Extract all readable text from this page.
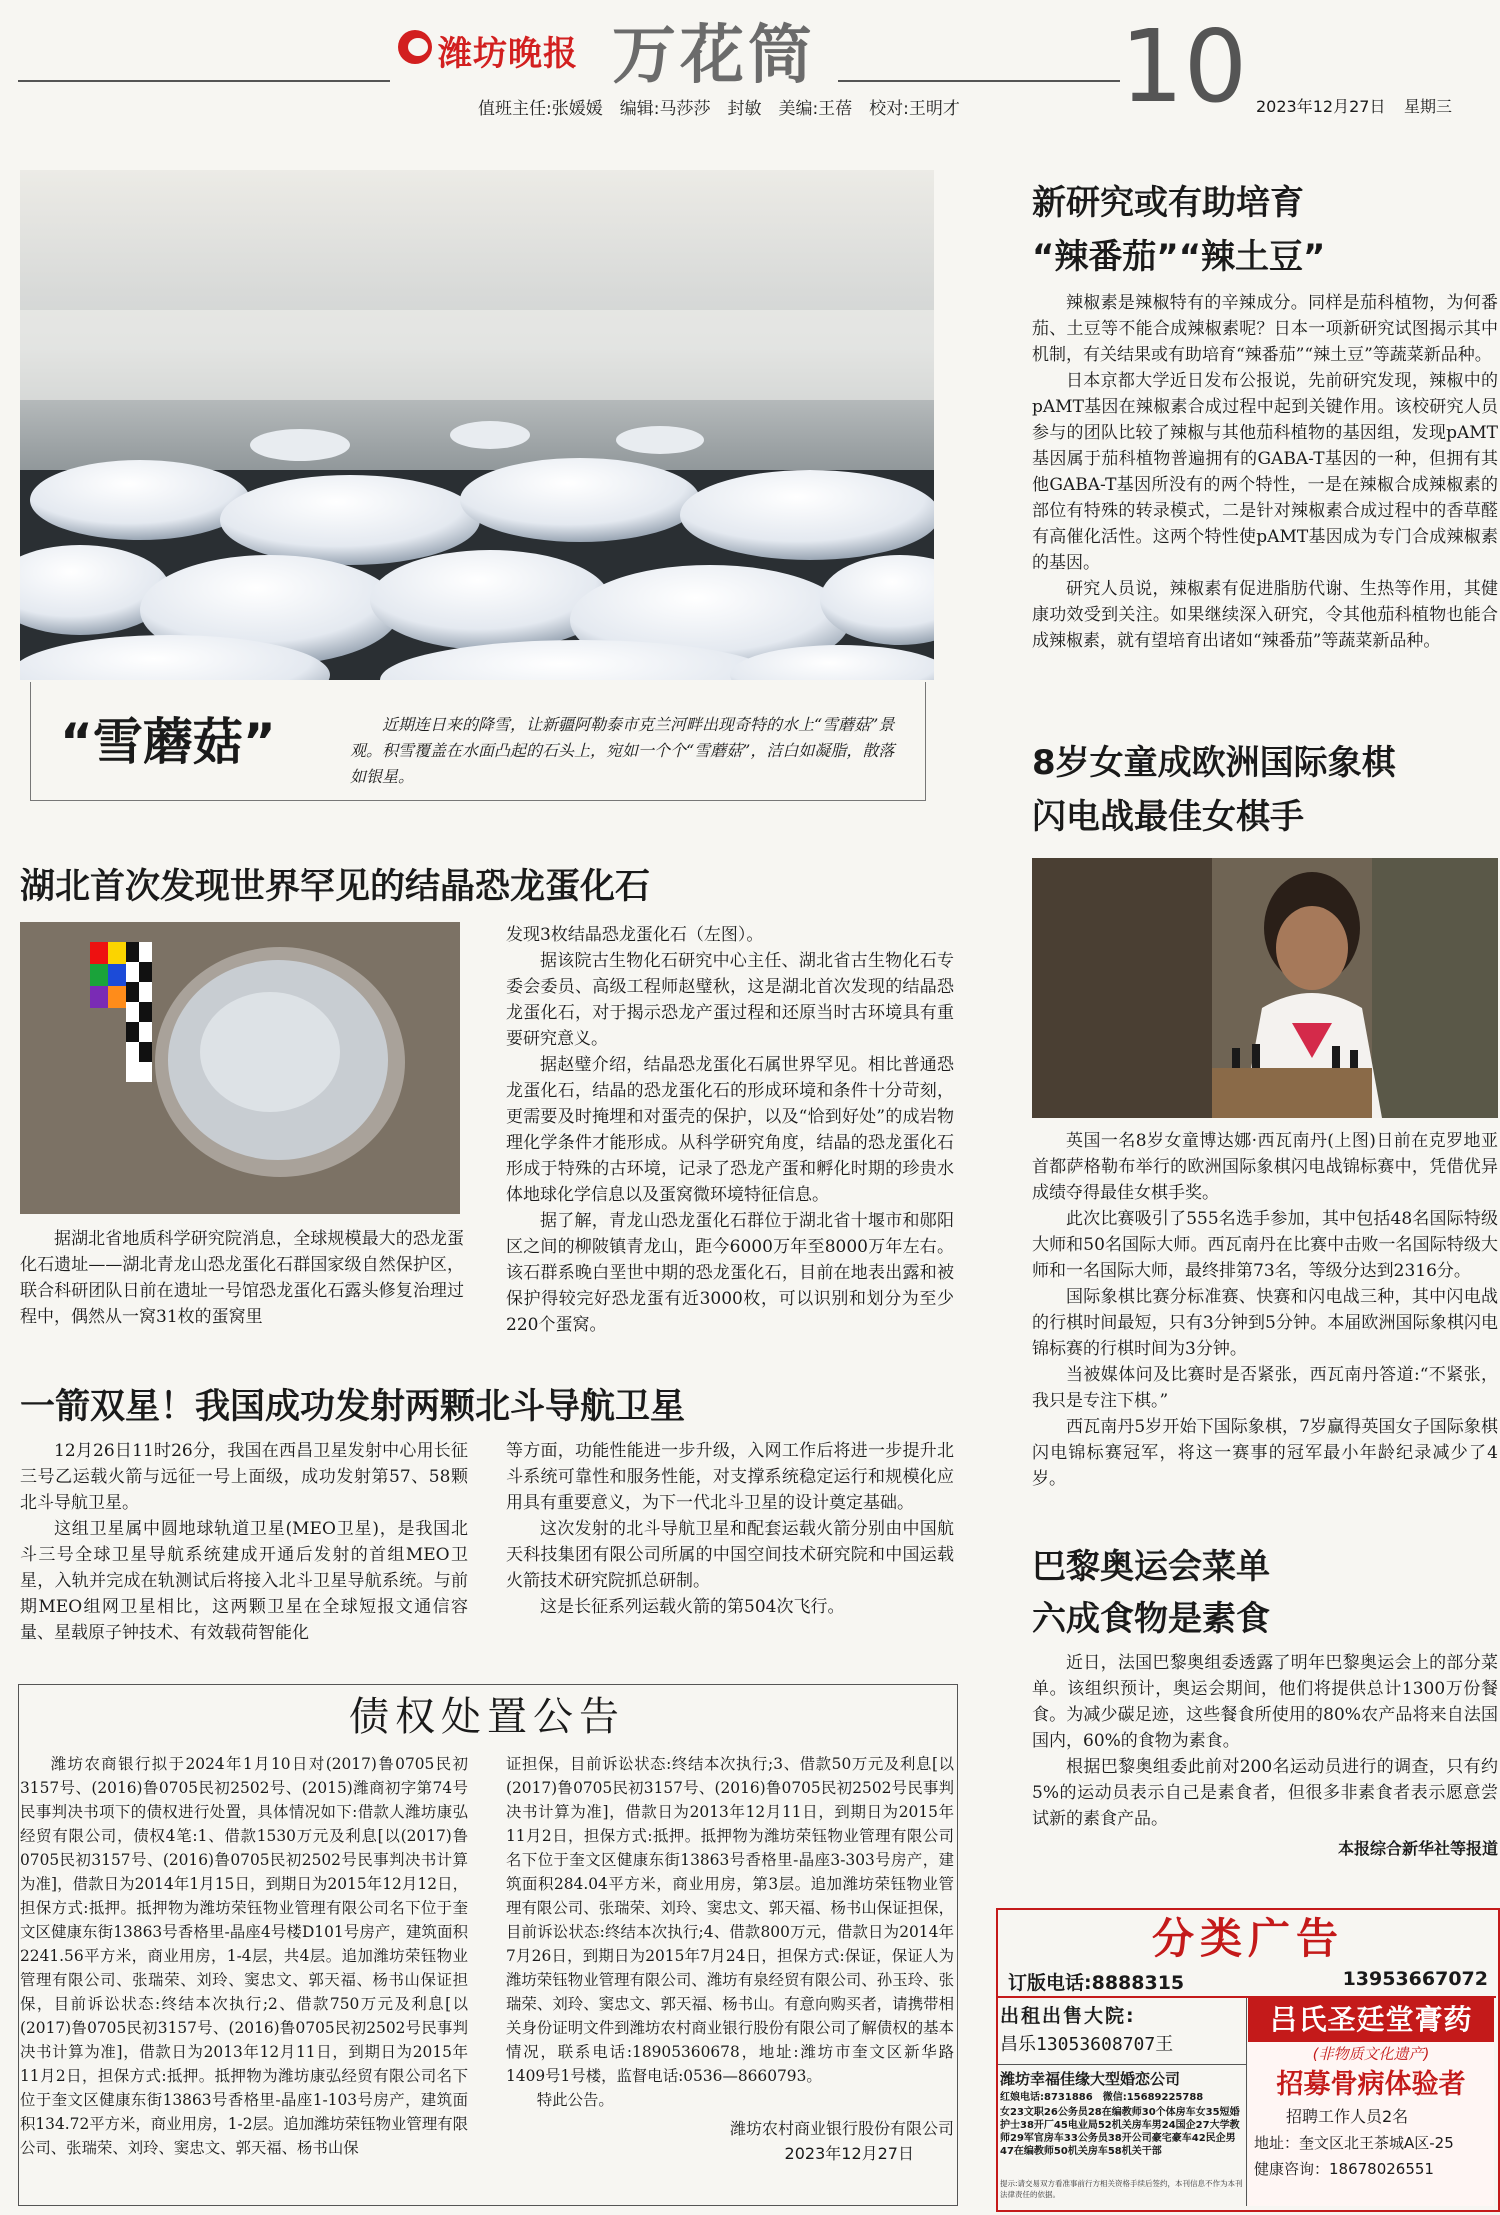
潍坊晚报 万花筒
值班主任:张媛媛　编辑:马莎莎　封敏　美编:王蓓　校对:王明才 10 2023年12月27日 星期三
“雪蘑菇”	近期连日来的降雪，让新疆阿勒泰市克兰河畔出现奇特的水上“雪蘑菇”景观。积雪覆盖在水面凸起的石头上，宛如一个个“雪蘑菇”，洁白如凝脂，散落如银星。
湖北首次发现世界罕见的结晶恐龙蛋化石

据湖北省地质科学研究院消息，全球规模最大的恐龙蛋化石遗址——湖北青龙山恐龙蛋化石群国家级自然保护区，联合科研团队日前在遗址一号馆恐龙蛋化石露头修复治理过程中，偶然从一窝31枚的蛋窝里

发现3枚结晶恐龙蛋化石（左图）。

据该院古生物化石研究中心主任、湖北省古生物化石专委会委员、高级工程师赵璧秋，这是湖北首次发现的结晶恐龙蛋化石，对于揭示恐龙产蛋过程和还原当时古环境具有重要研究意义。

据赵璧介绍，结晶恐龙蛋化石属世界罕见。相比普通恐龙蛋化石，结晶的恐龙蛋化石的形成环境和条件十分苛刻，更需要及时掩埋和对蛋壳的保护，以及“恰到好处”的成岩物理化学条件才能形成。从科学研究角度，结晶的恐龙蛋化石形成于特殊的古环境，记录了恐龙产蛋和孵化时期的珍贵水体地球化学信息以及蛋窝微环境特征信息。

据了解，青龙山恐龙蛋化石群位于湖北省十堰市和郧阳区之间的柳陂镇青龙山，距今6000万年至8000万年左右。该石群系晚白垩世中期的恐龙蛋化石，目前在地表出露和被保护得较完好恐龙蛋有近3000枚，可以识别和划分为至少220个蛋窝。

一箭双星！我国成功发射两颗北斗导航卫星

12月26日11时26分，我国在西昌卫星发射中心用长征三号乙运载火箭与远征一号上面级，成功发射第57、58颗北斗导航卫星。

这组卫星属中圆地球轨道卫星(MEO卫星)，是我国北斗三号全球卫星导航系统建成开通后发射的首组MEO卫星，入轨并完成在轨测试后将接入北斗卫星导航系统。与前期MEO组网卫星相比，这两颗卫星在全球短报文通信容量、星载原子钟技术、有效载荷智能化

等方面，功能性能进一步升级，入网工作后将进一步提升北斗系统可靠性和服务性能，对支撑系统稳定运行和规模化应用具有重要意义，为下一代北斗卫星的设计奠定基础。

这次发射的北斗导航卫星和配套运载火箭分别由中国航天科技集团有限公司所属的中国空间技术研究院和中国运载火箭技术研究院抓总研制。

这是长征系列运载火箭的第504次飞行。

债权处置公告

潍坊农商银行拟于2024年1月10日对(2017)鲁0705民初3157号、(2016)鲁0705民初2502号、(2015)潍商初字第74号民事判决书项下的债权进行处置，具体情况如下:借款人潍坊康弘经贸有限公司，债权4笔:1、借款1530万元及利息[以(2017)鲁0705民初3157号、(2016)鲁0705民初2502号民事判决书计算为准]，借款日为2014年1月15日，到期日为2015年12月12日，担保方式:抵押。抵押物为潍坊荣钰物业管理有限公司名下位于奎文区健康东街13863号香格里-晶座4号楼D101号房产，建筑面积2241.56平方米，商业用房，1-4层，共4层。追加潍坊荣钰物业管理有限公司、张瑞荣、刘玲、窦忠文、郭天福、杨书山保证担保，目前诉讼状态:终结本次执行;2、借款750万元及利息[以(2017)鲁0705民初3157号、(2016)鲁0705民初2502号民事判决书计算为准]，借款日为2013年12月11日，到期日为2015年11月2日，担保方式:抵押。抵押物为潍坊康弘经贸有限公司名下位于奎文区健康东街13863号香格里-晶座1-103号房产，建筑面积134.72平方米，商业用房，1-2层。追加潍坊荣钰物业管理有限公司、张瑞荣、刘玲、窦忠文、郭天福、杨书山保

证担保，目前诉讼状态:终结本次执行;3、借款50万元及利息[以(2017)鲁0705民初3157号、(2016)鲁0705民初2502号民事判决书计算为准]，借款日为2013年12月11日，到期日为2015年11月2日，担保方式:抵押。抵押物为潍坊荣钰物业管理有限公司名下位于奎文区健康东街13863号香格里-晶座3-303号房产，建筑面积284.04平方米，商业用房，第3层。追加潍坊荣钰物业管理有限公司、张瑞荣、刘玲、窦忠文、郭天福、杨书山保证担保，目前诉讼状态:终结本次执行;4、借款800万元，借款日为2014年7月26日，到期日为2015年7月24日，担保方式:保证，保证人为潍坊荣钰物业管理有限公司、潍坊有泉经贸有限公司、孙玉玲、张瑞荣、刘玲、窦忠文、郭天福、杨书山。有意向购买者，请携带相关身份证明文件到潍坊农村商业银行股份有限公司了解债权的基本情况，联系电话:18905360678，地址:潍坊市奎文区新华路1409号1号楼，监督电话:0536—8660793。

特此公告。

潍坊农村商业银行股份有限公司
2023年12月27日
新研究或有助培育
“辣番茄”“辣土豆”

辣椒素是辣椒特有的辛辣成分。同样是茄科植物，为何番茄、土豆等不能合成辣椒素呢？日本一项新研究试图揭示其中机制，有关结果或有助培育“辣番茄”“辣土豆”等蔬菜新品种。

日本京都大学近日发布公报说，先前研究发现，辣椒中的pAMT基因在辣椒素合成过程中起到关键作用。该校研究人员参与的团队比较了辣椒与其他茄科植物的基因组，发现pAMT基因属于茄科植物普遍拥有的GABA-T基因的一种，但拥有其他GABA-T基因所没有的两个特性，一是在辣椒合成辣椒素的部位有特殊的转录模式，二是针对辣椒素合成过程中的香草醛有高催化活性。这两个特性使pAMT基因成为专门合成辣椒素的基因。

研究人员说，辣椒素有促进脂肪代谢、生热等作用，其健康功效受到关注。如果继续深入研究，令其他茄科植物也能合成辣椒素，就有望培育出诸如“辣番茄”等蔬菜新品种。

8岁女童成欧洲国际象棋
闪电战最佳女棋手

英国一名8岁女童博达娜·西瓦南丹(上图)日前在克罗地亚首都萨格勒布举行的欧洲国际象棋闪电战锦标赛中，凭借优异成绩夺得最佳女棋手奖。

此次比赛吸引了555名选手参加，其中包括48名国际特级大师和50名国际大师。西瓦南丹在比赛中击败一名国际特级大师和一名国际大师，最终排第73名，等级分达到2316分。

国际象棋比赛分标准赛、快赛和闪电战三种，其中闪电战的行棋时间最短，只有3分钟到5分钟。本届欧洲国际象棋闪电锦标赛的行棋时间为3分钟。

当被媒体问及比赛时是否紧张，西瓦南丹答道:“不紧张，我只是专注下棋。”

西瓦南丹5岁开始下国际象棋，7岁赢得英国女子国际象棋闪电锦标赛冠军，将这一赛事的冠军最小年龄纪录减少了4岁。

巴黎奥运会菜单
六成食物是素食

近日，法国巴黎奥组委透露了明年巴黎奥运会上的部分菜单。该组织预计，奥运会期间，他们将提供总计1300万份餐食。为减少碳足迹，这些餐食所使用的80%农产品将来自法国国内，60%的食物为素食。

根据巴黎奥组委此前对200名运动员进行的调查，只有约5%的运动员表示自己是素食者，但很多非素食者表示愿意尝试新的素食产品。

本报综合新华社等报道
分类广告
订版电话:8888315	13953667072
出租出售大院:
昌乐13053608707王
潍坊幸福佳缘大型婚恋公司
红娘电话:8731886　微信:15689225788
女23文职26公务员28在编教师30个体房车女35短婚护士38开厂45电业局52机关房车男24国企27大学教师29军官房车33公务员38开公司豪宅豪车42民企男47在编教师50机关房车58机关干部
提示:请交易双方看准事前行方相关资格手续后签约，本刊信息不作为本刊法律责任的依据。
吕氏圣廷堂膏药
(非物质文化遗产)
招募骨病体验者
招聘工作人员2名
地址：奎文区北王茶城A区-25
健康咨询：18678026551
